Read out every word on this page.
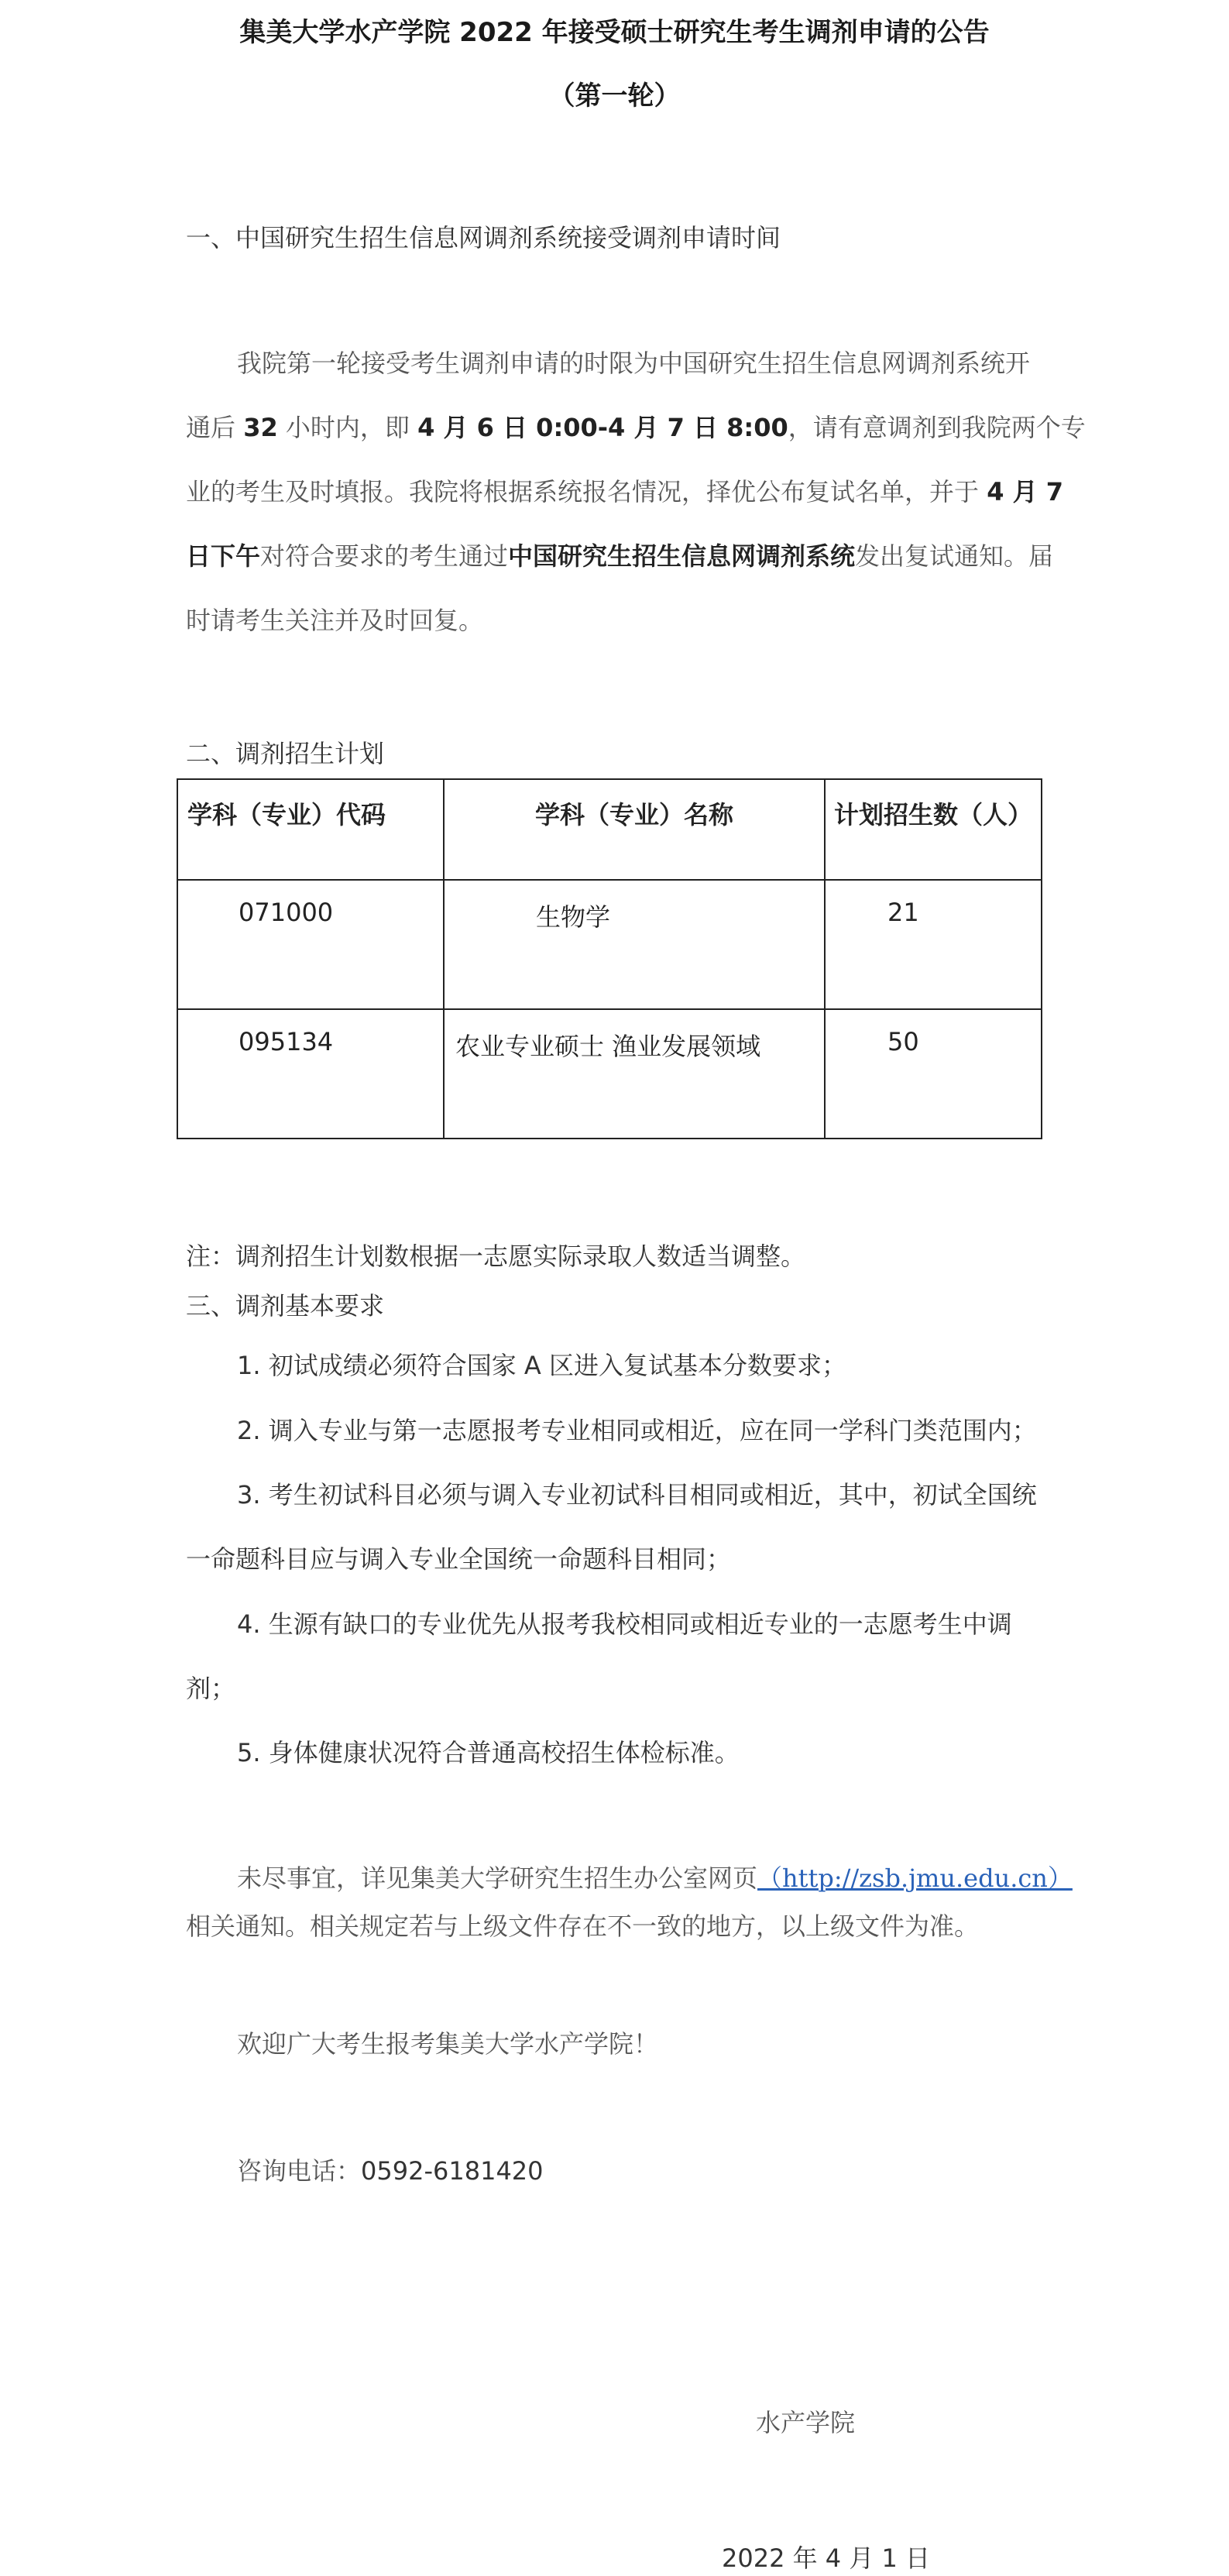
集美大学水产学院 2022 年接受硕士研究生考生调剂申请的公告
（第一轮）
一、中国研究生招生信息网调剂系统接受调剂申请时间
我院第一轮接受考生调剂申请的时限为中国研究生招生信息网调剂系统开
通后 32 小时内，即 4 月 6 日 0:00-4 月 7 日 8:00，请有意调剂到我院两个专
业的考生及时填报。我院将根据系统报名情况，择优公布复试名单，并于 4 月 7
日下午对符合要求的考生通过中国研究生招生信息网调剂系统发出复试通知。届
时请考生关注并及时回复。
二、调剂招生计划
学科（专业）代码	学科（专业）名称	计划招生数（人）
071000	生物学	21
095134	农业专业硕士 渔业发展领域	50
注：调剂招生计划数根据一志愿实际录取人数适当调整。
三、调剂基本要求
1. 初试成绩必须符合国家 A 区进入复试基本分数要求；
2. 调入专业与第一志愿报考专业相同或相近，应在同一学科门类范围内；
3. 考生初试科目必须与调入专业初试科目相同或相近，其中，初试全国统
一命题科目应与调入专业全国统一命题科目相同；
4. 生源有缺口的专业优先从报考我校相同或相近专业的一志愿考生中调
剂；
5. 身体健康状况符合普通高校招生体检标准。
未尽事宜，详见集美大学研究生招生办公室网页（http://zsb.jmu.edu.cn）
相关通知。相关规定若与上级文件存在不一致的地方，以上级文件为准。
欢迎广大考生报考集美大学水产学院！
咨询电话：0592-6181420
水产学院
2022 年 4 月 1 日
